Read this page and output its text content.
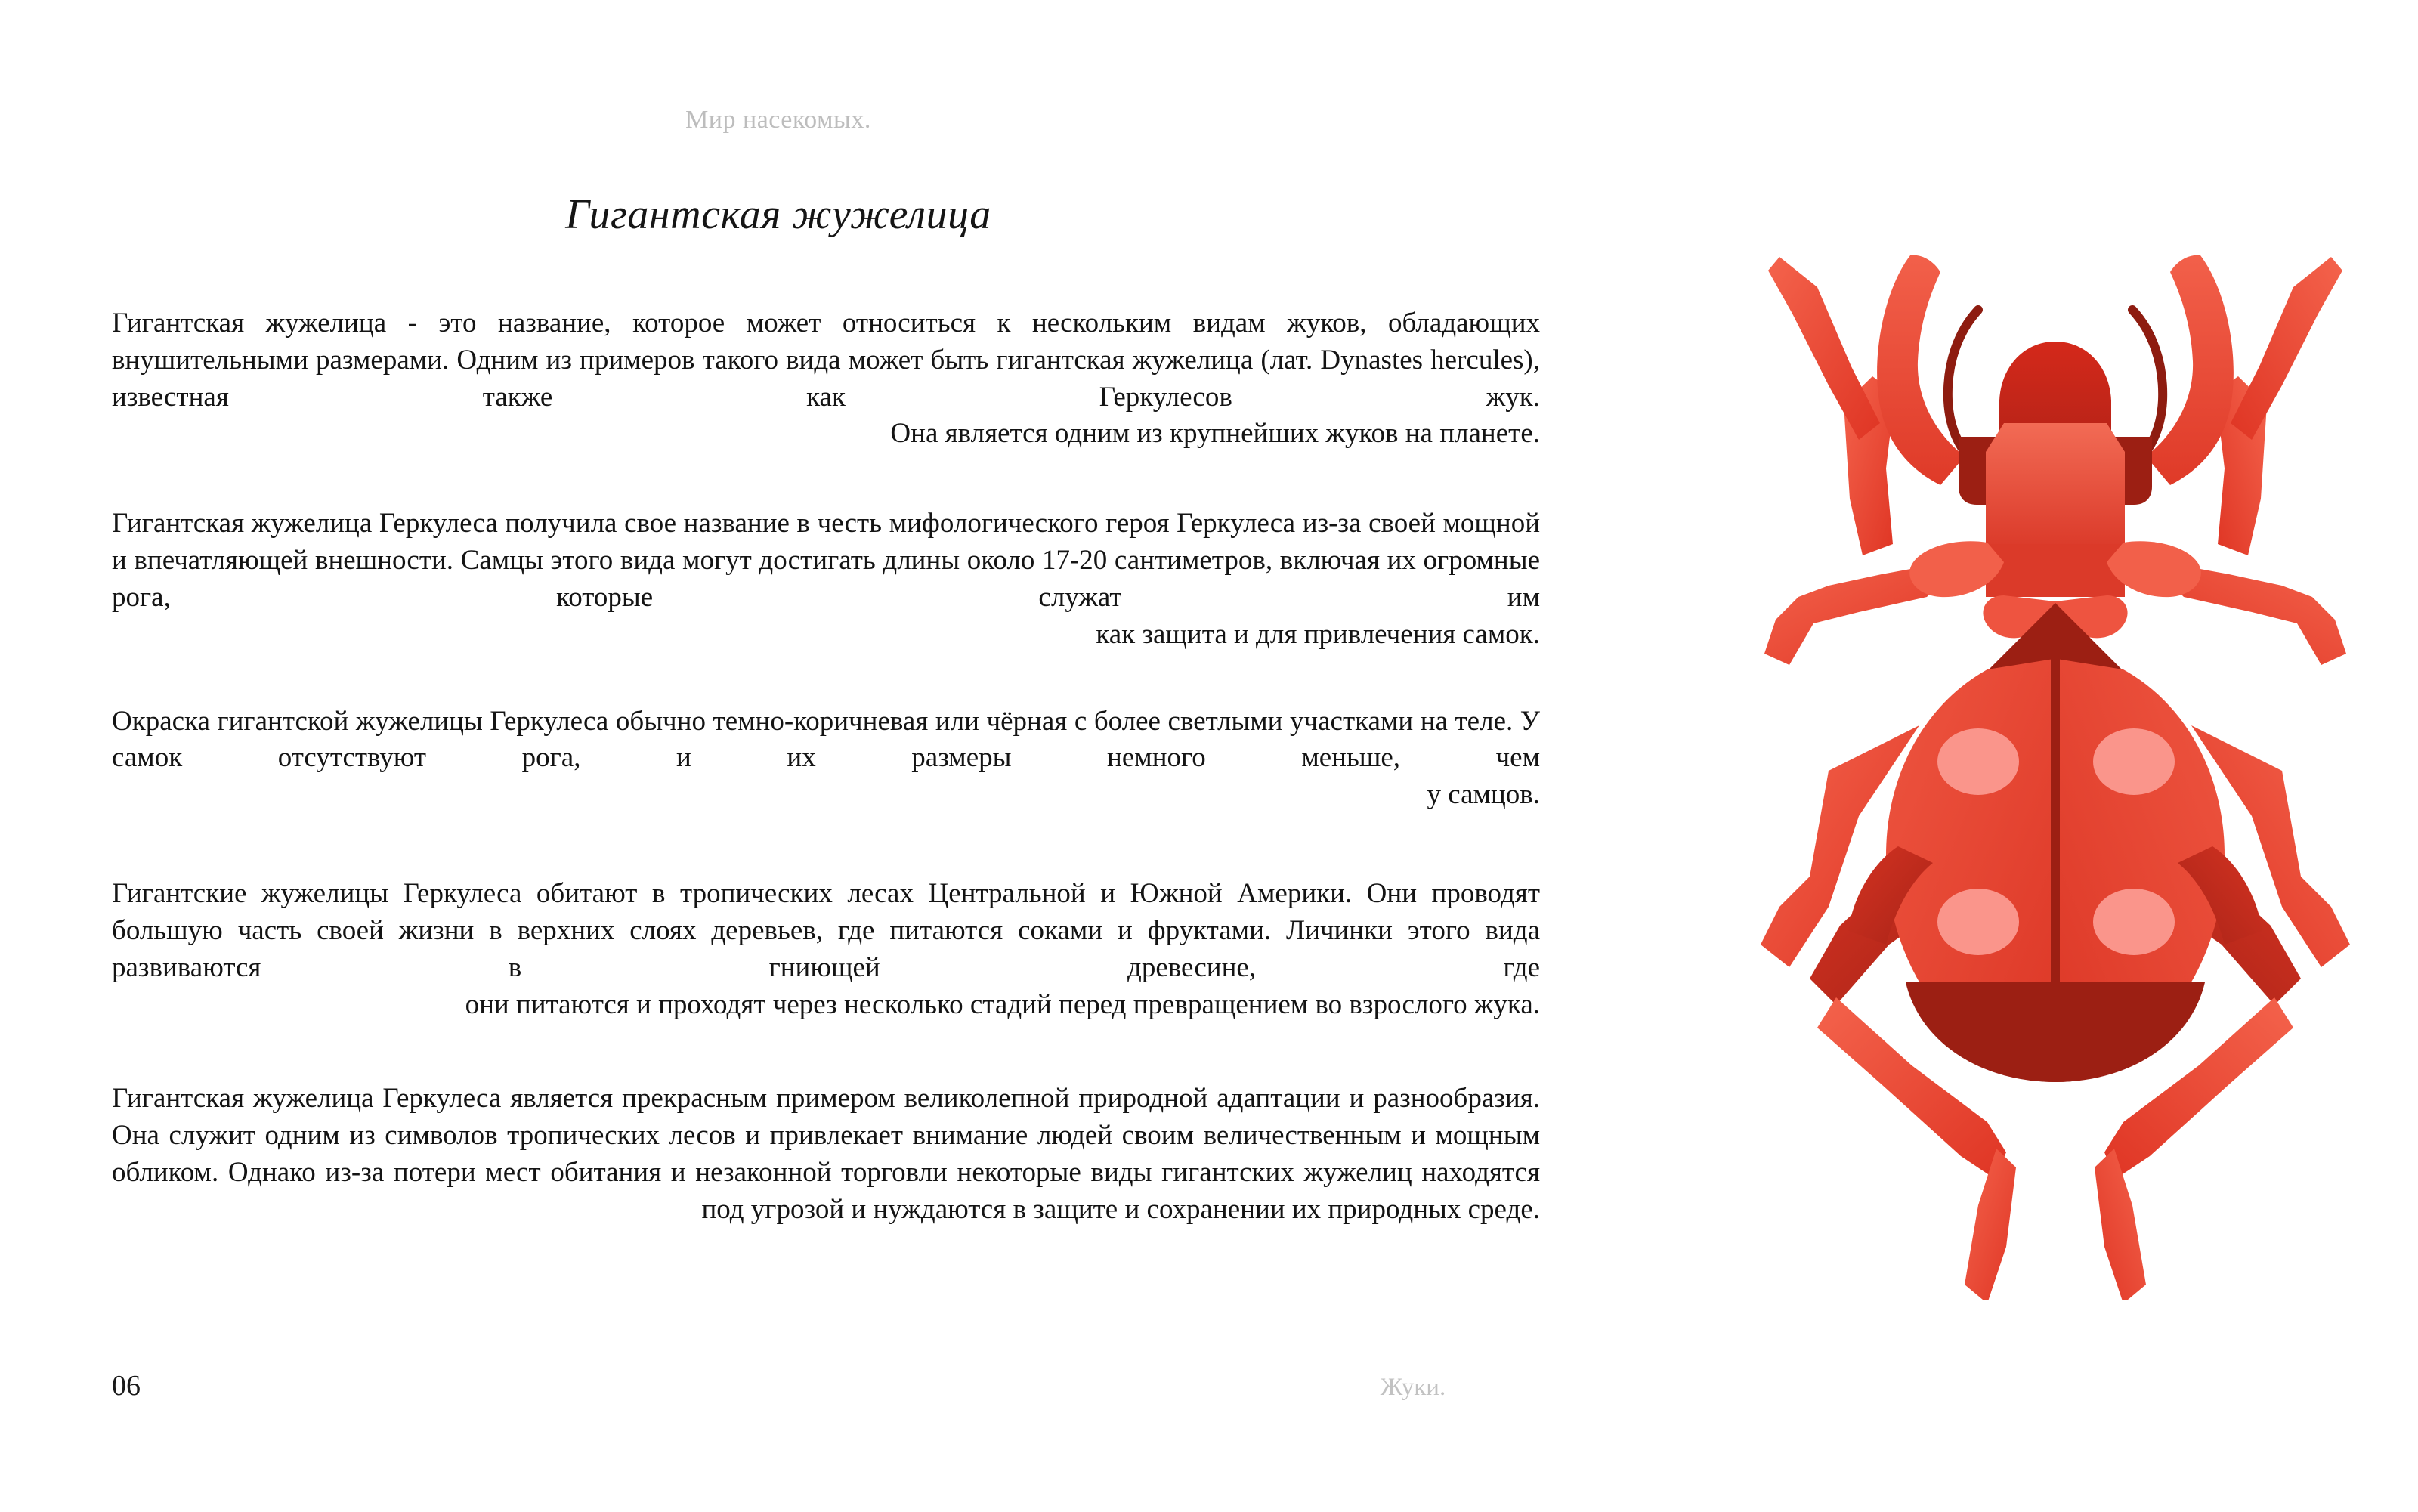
Мир насекомых.
Гигантская жужелица

Гигантская жужелица - это название, которое может относиться к нескольким видам жуков, обладающих внушительными размерами. Одним из примеров такого вида может быть гигантская жужелица (лат. Dynastes hercules), известная также как Геркулесов жук.
Она является одним из крупнейших жуков на планете.

Гигантская жужелица Геркулеса получила свое название в честь мифологического героя Геркулеса из-за своей мощной и впечатляющей внешности. Самцы этого вида могут достигать длины около 17-20 сантиметров, включая их огромные рога, которые служат им
как защита и для привлечения самок.

Окраска гигантской жужелицы Геркулеса обычно темно-коричневая или чёрная с более светлыми участками на теле. У самок отсутствуют рога, и их размеры немного меньше, чем
у самцов.

Гигантские жужелицы Геркулеса обитают в тропических лесах Центральной и Южной Америки. Они проводят большую часть своей жизни в верхних слоях деревьев, где питаются соками и фруктами. Личинки этого вида развиваются в гниющей древесине, где
они питаются и проходят через несколько стадий перед превращением во взрослого жука.

Гигантская жужелица Геркулеса является прекрасным примером великолепной природной адаптации и разнообразия. Она служит одним из символов тропических лесов и привлекает внимание людей своим величественным и мощным обликом. Однако из-за потери мест обитания и незаконной торговли некоторые виды гигантских жужелиц находятся
под угрозой и нуждаются в защите и сохранении их природных среде.

06	Жуки.
